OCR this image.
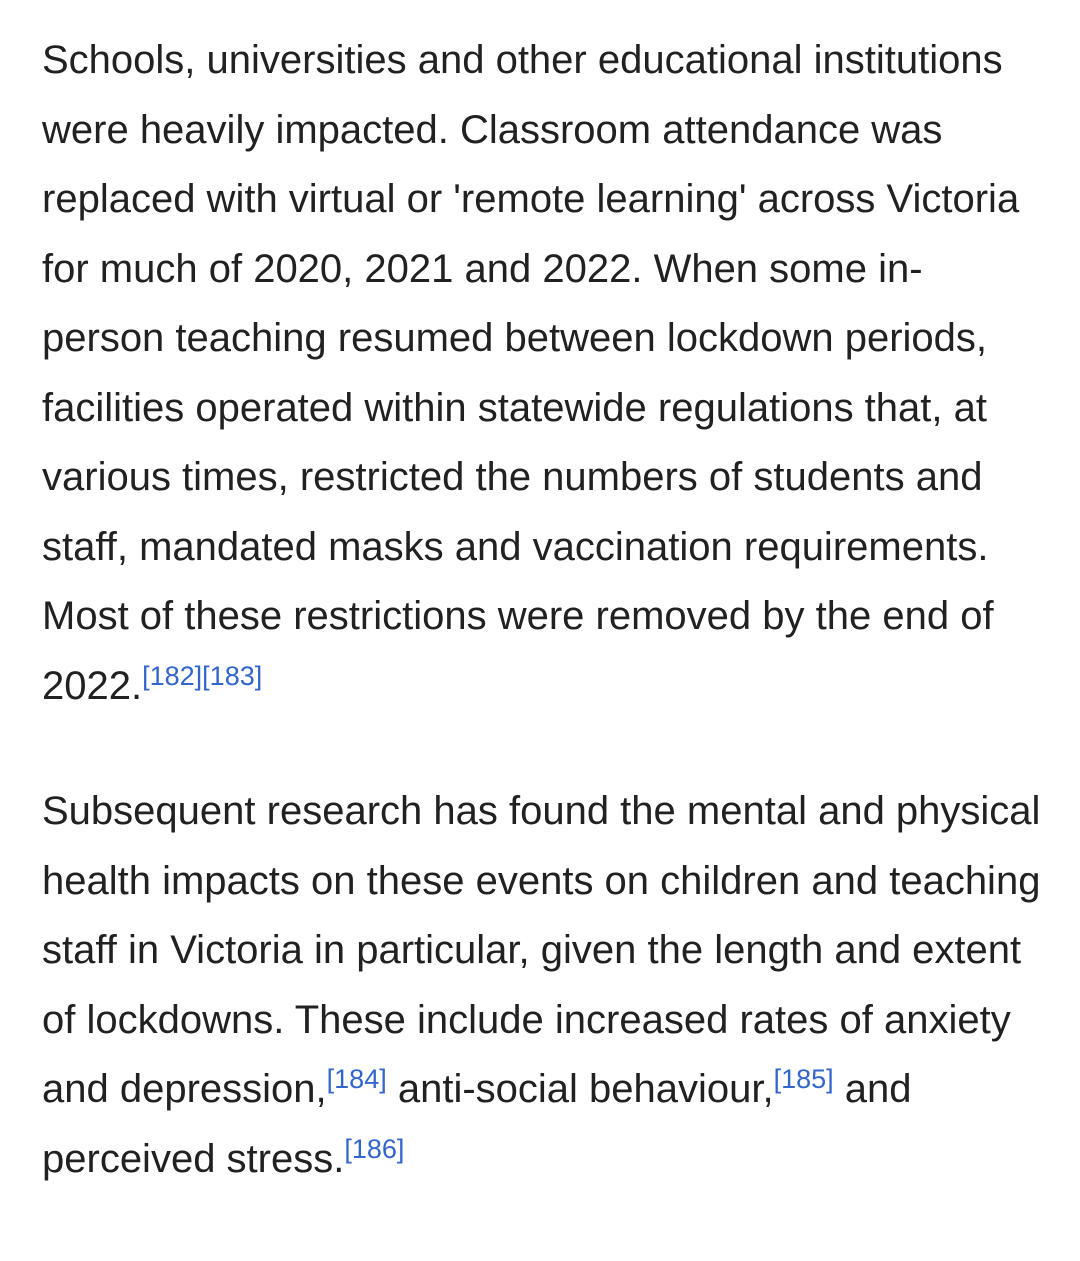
Schools, universities and other educational institutions were heavily impacted. Classroom attendance was replaced with virtual or 'remote learning' across Victoria for much of 2020, 2021 and 2022. When some in-person teaching resumed between lockdown periods, facilities operated within statewide regulations that, at various times, restricted the numbers of students and staff, mandated masks and vaccination requirements. Most of these restrictions were removed by the end of 2022.[182][183]

Subsequent research has found the mental and physical health impacts on these events on children and teaching staff in Victoria in particular, given the length and extent of lockdowns. These include increased rates of anxiety and depression,[184] anti-social behaviour,[185] and perceived stress.[186]
